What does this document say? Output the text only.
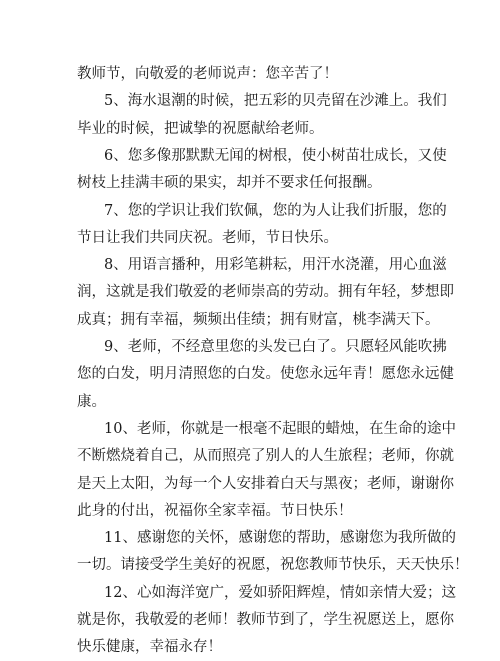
教师节，向敬爱的老师说声：您辛苦了！
5、海水退潮的时候，把五彩的贝壳留在沙滩上。我们
毕业的时候，把诚挚的祝愿献给老师。
6、您多像那默默无闻的树根，使小树苗壮成长，又使
树枝上挂满丰硕的果实，却并不要求任何报酬。
7、您的学识让我们钦佩，您的为人让我们折服，您的
节日让我们共同庆祝。老师，节日快乐。
8、用语言播种，用彩笔耕耘，用汗水浇灌，用心血滋
润，这就是我们敬爱的老师崇高的劳动。拥有年轻，梦想即
成真；拥有幸福，频频出佳绩；拥有财富，桃李满天下。
9、老师，不经意里您的头发已白了。只愿轻风能吹拂
您的白发，明月清照您的白发。使您永远年青！愿您永远健
康。
10、老师，你就是一根毫不起眼的蜡烛，在生命的途中
不断燃烧着自己，从而照亮了别人的人生旅程；老师，你就
是天上太阳，为每一个人安排着白天与黑夜；老师，谢谢你
此身的付出，祝福你全家幸福。节日快乐！
11、感谢您的关怀，感谢您的帮助，感谢您为我所做的
一切。请接受学生美好的祝愿，祝您教师节快乐，天天快乐！
12、心如海洋宽广，爱如骄阳辉煌，情如亲情大爱；这
就是你，我敬爱的老师！教师节到了，学生祝愿送上，愿你
快乐健康，幸福永存！
